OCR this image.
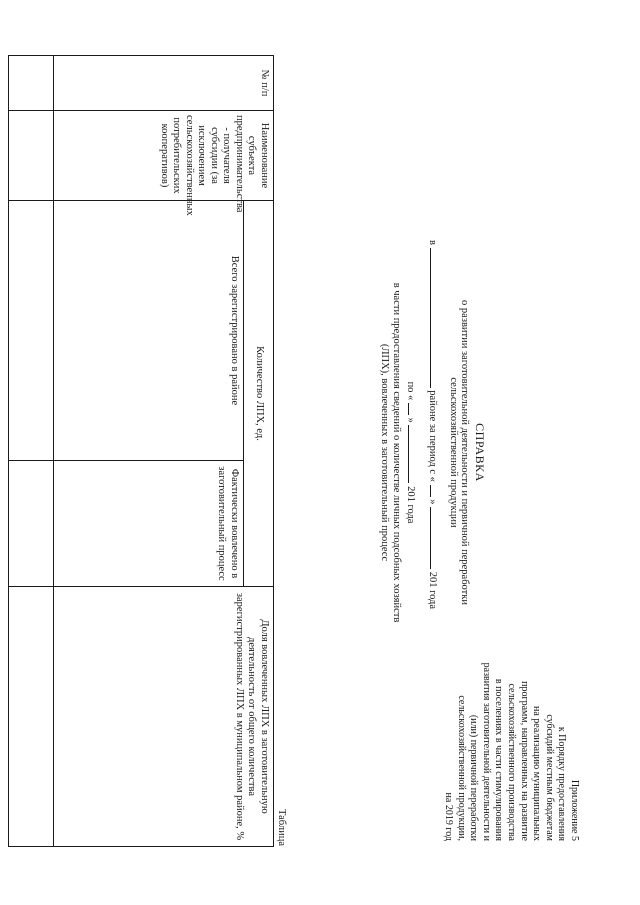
Приложение 5
к Порядку предоставления
субсидий местным бюджетам
на реализацию муниципальных
программ, направленных на развитие
сельскохозяйственного производства
в поселениях в части стимулирования
развития заготовительной деятельности и
(или) первичной переработки
сельскохозяйственной продукции,
на 2019 год
СПРАВКА
о развитии заготовительной деятельности и первичной переработки
сельскохозяйственной продукции
в  районе за период с «  »  201 года
по «  »  201 года
в части предоставления сведений о количестве личных подсобных хозяйств
(ЛПХ), вовлеченных в заготовительный процесс
Таблица
№ п/п	Наименование субъекта предпринимательства - получателя субсидии (за исключением сельскохозяйственных потребительских кооперативов)	Количество ЛПХ, ед.		Доля вовлеченных ЛПХ в заготовительную деятельность от общего количества зарегистрированных ЛПХ в муниципальном районе, %
		Всего зарегистрировано в районе	Фактически вовлечено в заготовительный процесс	
